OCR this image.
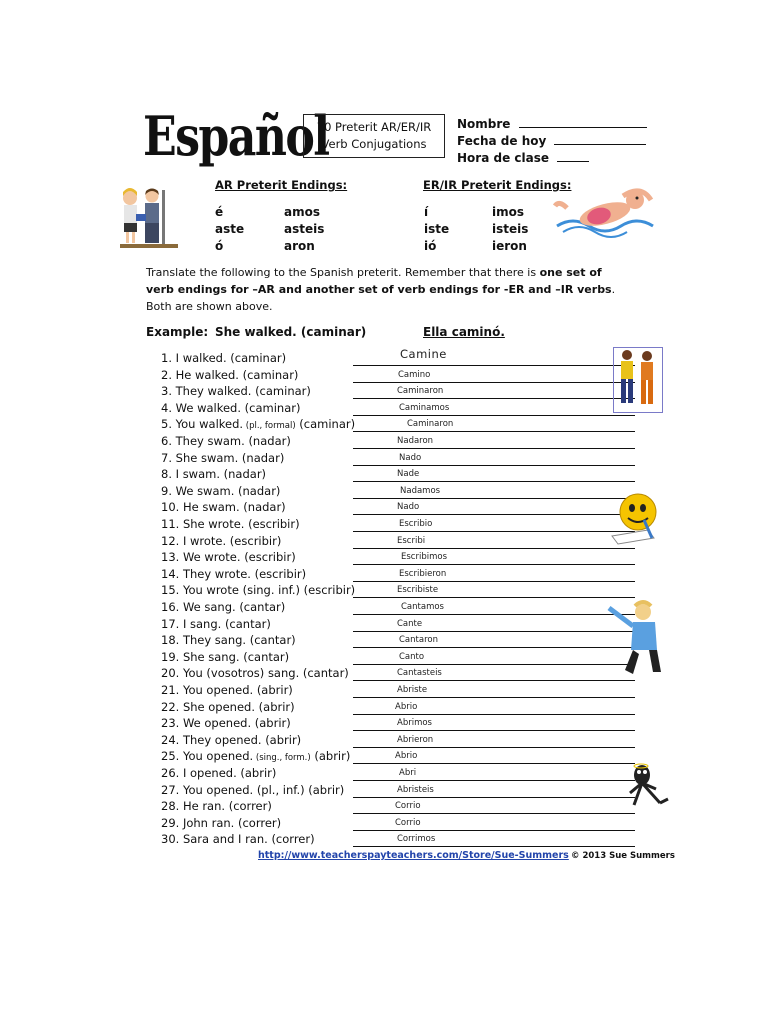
Español
70 Preterit AR/ER/IR
Verb Conjugations
Nombre
Fecha de hoy
Hora de clase
AR Preterit Endings:	ER/IR Preterit Endings:
é	amos
aste	asteis
ó	aron
í	imos
iste	isteis
ió	ieron
Translate the following to the Spanish preterit. Remember that there is one set of verb endings for –AR and another set of verb endings for -ER and –IR verbs. Both are shown above.
Example: She walked. (caminar)	Ella caminó.
1. I walked. (caminar)	Camine
2. He walked. (caminar)	Camino
3. They walked. (caminar)	Caminaron
4. We walked. (caminar)	Caminamos
5. You walked. (pl., formal) (caminar)	Caminaron
6. They swam. (nadar)	Nadaron
7. She swam. (nadar)	Nado
8. I swam. (nadar)	Nade
9. We swam. (nadar)	Nadamos
10. He swam. (nadar)	Nado
11. She wrote. (escribir)	Escribio
12. I wrote. (escribir)	Escribi
13. We wrote. (escribir)	Escribimos
14. They wrote. (escribir)	Escribieron
15. You wrote (sing. inf.) (escribir)	Escribiste
16. We sang. (cantar)	Cantamos
17. I sang. (cantar)	Cante
18. They sang. (cantar)	Cantaron
19. She sang. (cantar)	Canto
20. You (vosotros) sang. (cantar)	Cantasteis
21. You opened. (abrir)	Abriste
22. She opened. (abrir)	Abrio
23. We opened. (abrir)	Abrimos
24. They opened. (abrir)	Abrieron
25. You opened. (sing., form.) (abrir)	Abrio
26. I opened. (abrir)	Abri
27. You opened. (pl., inf.) (abrir)	Abristeis
28. He ran. (correr)	Corrio
29. John ran. (correr)	Corrio
30. Sara and I ran. (correr)	Corrimos
http://www.teacherspayteachers.com/Store/Sue-Summers © 2013 Sue Summers
